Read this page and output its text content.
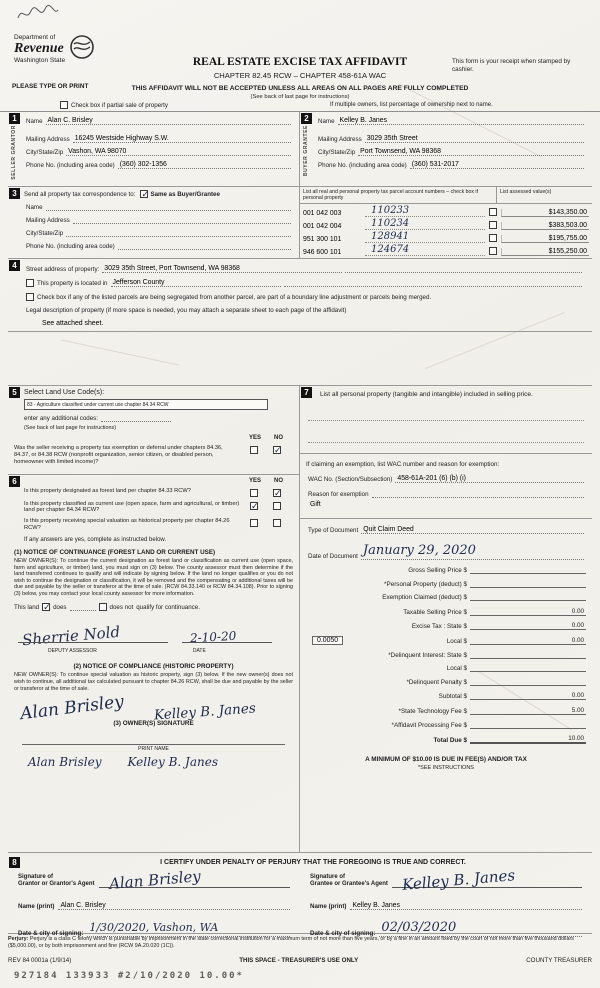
Department of
Revenue
Washington State	REAL ESTATE EXCISE TAX AFFIDAVIT
CHAPTER 82.45 RCW – CHAPTER 458-61A WAC
This form is your receipt when stamped by cashier.
PLEASE TYPE OR PRINT	THIS AFFIDAVIT WILL NOT BE ACCEPTED UNLESS ALL AREAS ON ALL PAGES ARE FULLY COMPLETED
(See back of last page for instructions)
Check box if partial sale of property	If multiple owners, list percentage of ownership next to name.
1
SELLER GRANTOR
Name Alan C. Brisley
Mailing Address 16245 Westside Highway S.W.
City/State/Zip Vashon, WA 98070
Phone No. (including area code) (360) 302-1356
2
BUYER GRANTEE
Name Kelley B. Janes
Mailing Address 3029 35th Street
City/State/Zip Port Townsend, WA 98368
Phone No. (including area code) (360) 531-2017
3	Send all property tax correspondence to: ✓ Same as Buyer/Grantee
Name
Mailing Address
City/State/Zip
Phone No. (including area code)
List all real and personal property tax parcel account numbers – check box if personal property
List assessed value(s)
001 042 003	110233	$143,350.00
001 042 004	110234	$383,503.00
951 300 101	128941	$195,755.00
946 600 101	124674	$155,250.00
4	Street address of property: 3029 35th Street, Port Townsend, WA 98368
This property is located in Jefferson County
Check box if any of the listed parcels are being segregated from another parcel, are part of a boundary line adjustment or parcels being merged.
Legal description of property (if more space is needed, you may attach a separate sheet to each page of the affidavit)
See attached sheet.
5	Select Land Use Code(s):
83 - Agriculture classified under current use chapter 84.34 RCW
enter any additional codes:
(See back of last page for instructions)
YES NO
Was the seller receiving a property tax exemption or deferral under chapters 84.36, 84.37, or 84.38 RCW (nonprofit organization, senior citizen, or disabled person, homeowner with limited income)?
✓
6	YES NO
Is this property designated as forest land per chapter 84.33 RCW?	✓
Is this property classified as current use (open space, farm and agricultural, or timber) land per chapter 84.34 RCW?	✓
Is this property receiving special valuation as historical property per chapter 84.26 RCW?
If any answers are yes, complete as instructed below.
(1) NOTICE OF CONTINUANCE (FOREST LAND OR CURRENT USE)
NEW OWNER(S): To continue the current designation as forest land or classification as current use (open space, farm and agriculture, or timber) land, you must sign on (3) below. The county assessor must then determine if the land transferred continues to qualify and will indicate by signing below. If the land no longer qualifies or you do not wish to continue the designation or classification, it will be removed and the compensating or additional taxes will be due and payable by the seller or transferor at the time of sale. (RCW 84.33.140 or RCW 84.34.108). Prior to signing (3) below, you may contact your local county assessor for more information.
This land ✓ does	does not qualify for continuance.
Sherrie Nold	2-10-20
DEPUTY ASSESSOR	DATE
(2) NOTICE OF COMPLIANCE (HISTORIC PROPERTY)
NEW OWNER(S): To continue special valuation as historic property, sign (3) below. If the new owner(s) does not wish to continue, all additional tax calculated pursuant to chapter 84.26 RCW, shall be due and payable by the seller or transferor at the time of sale.
Alan Brisley Kelley B. Janes
(3) OWNER(S) SIGNATURE
PRINT NAME
Alan Brisley Kelley B. Janes
7	List all personal property (tangible and intangible) included in selling price.
If claiming an exemption, list WAC number and reason for exemption:
WAC No. (Section/Subsection) 458-61A-201 (6) (b) (i)
Reason for exemption
Gift
Type of Document Quit Claim Deed
Date of Document January 29, 2020
Gross Selling Price $
*Personal Property (deduct) $
Exemption Claimed (deduct) $
Taxable Selling Price $	0.00
Excise Tax : State $	0.00
0.0050	Local $	0.00
*Delinquent Interest: State $
Local $
*Delinquent Penalty $
Subtotal $	0.00
*State Technology Fee $	5.00
*Affidavit Processing Fee $
Total Due $	10.00
A MINIMUM OF $10.00 IS DUE IN FEE(S) AND/OR TAX
*SEE INSTRUCTIONS
8	I CERTIFY UNDER PENALTY OF PERJURY THAT THE FOREGOING IS TRUE AND CORRECT.
Signature of
Grantor or Grantor's Agent Alan Brisley	Signature of
Grantee or Grantee's Agent Kelley B. Janes
Name (print) Alan C. Brisley	Name (print) Kelley B. Janes
Date & city of signing: 1/30/2020, Vashon, WA	Date & city of signing: 02/03/2020
Perjury: Perjury is a class C felony which is punishable by imprisonment in the state correctional institution for a maximum term of not more than five years, or by a fine in an amount fixed by the court of not more than five thousand dollars ($5,000.00), or by both imprisonment and fine (RCW 9A.20.020 (1C)).
REV 84 0001a (1/9/14)	THIS SPACE - TREASURER'S USE ONLY	COUNTY TREASURER
927184 133933 #2/10/2020 10.00*
